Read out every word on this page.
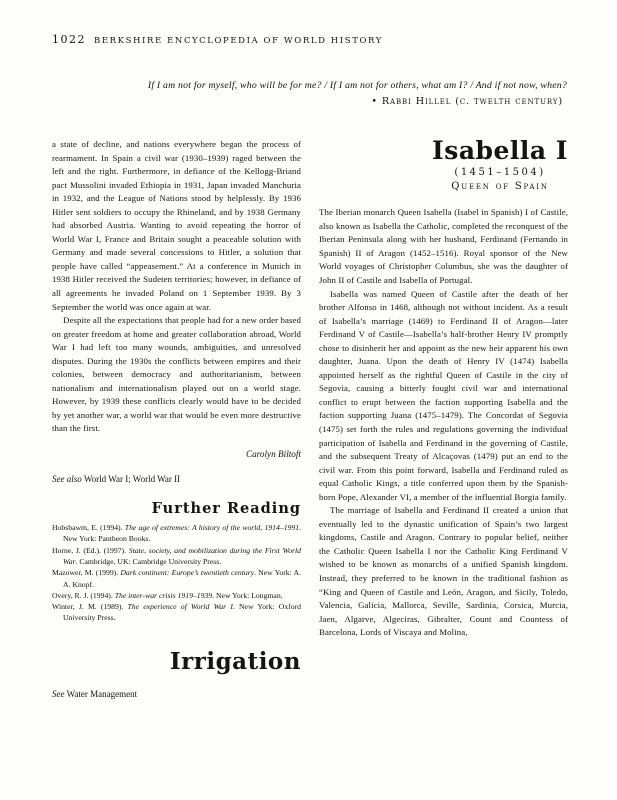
1022 BERKSHIRE ENCYCLOPEDIA OF WORLD HISTORY
If I am not for myself, who will be for me? / If I am not for others, what am I? / And if not now, when?
• Rabbi Hillel (c. twelth century)

a state of decline, and nations everywhere began the process of rearmament. In Spain a civil war (1930–1939) raged between the left and the right. Furthermore, in defiance of the Kellogg-Briand pact Mussolini invaded Ethiopia in 1931, Japan invaded Manchuria in 1932, and the League of Nations stood by helplessly. By 1936 Hitler sent soldiers to occupy the Rhineland, and by 1938 Germany had absorbed Austria. Wanting to avoid repeating the horror of World War I, France and Britain sought a peaceable solution with Germany and made several concessions to Hitler, a solution that people have called “appeasement.” At a conference in Munich in 1938 Hitler received the Sudeten territories; however, in defiance of all agreements he invaded Poland on 1 September 1939. By 3 September the world was once again at war.

Despite all the expectations that people had for a new order based on greater freedom at home and greater collaboration abroad, World War I had left too many wounds, ambiguities, and unresolved disputes. During the 1930s the conflicts between empires and their colonies, between democracy and authoritarianism, between nationalism and internationalism played out on a world stage. However, by 1939 these conflicts clearly would have to be decided by yet another war, a world war that would be even more destructive than the first.

Carolyn Biltoft
See also World War I; World War II
Further Reading
Hobsbawm, E. (1994). The age of extremes: A history of the world, 1914–1991. New York: Pantheon Books.
Horne, J. (Ed.). (1997). State, society, and mobilization during the First World War. Cambridge, UK: Cambridge University Press.
Mazower, M. (1999). Dark continent: Europe’s twentieth century. New York: A. A. Knopf.
Overy, R. J. (1994). The inter-war crisis 1919–1939. New York: Longman.
Winter, J. M. (1989). The experience of World War I. New York: Oxford University Press.
Irrigation
See Water Management
Isabella I
(1451–1504)
Queen of Spain

The Iberian monarch Queen Isabella (Isabel in Spanish) I of Castile, also known as Isabella the Catholic, completed the reconquest of the Iberian Peninsula along with her husband, Ferdinand (Fernando in Spanish) II of Aragon (1452–1516). Royal sponsor of the New World voyages of Christopher Columbus, she was the daughter of John II of Castile and Isabella of Portugal.

Isabella was named Queen of Castile after the death of her brother Alfonso in 1468, although not without incident. As a result of Isabella’s marriage (1469) to Ferdinand II of Aragon—later Ferdinand V of Castile—Isabella’s half-brother Henry IV promptly chose to disinherit her and appoint as the new heir apparent his own daughter, Juana. Upon the death of Henry IV (1474) Isabella appointed herself as the rightful Queen of Castile in the city of Segovia, causing a bitterly fought civil war and international conflict to erupt between the faction supporting Isabella and the faction supporting Juana (1475–1479). The Concordat of Segovia (1475) set forth the rules and regulations governing the individual participation of Isabella and Ferdinand in the governing of Castile, and the subsequent Treaty of Alcaçovas (1479) put an end to the civil war. From this point forward, Isabella and Ferdinand ruled as equal Catholic Kings, a title conferred upon them by the Spanish-born Pope, Alexander VI, a member of the influential Borgia family.

The marriage of Isabella and Ferdinand II created a union that eventually led to the dynastic unification of Spain’s two largest kingdoms, Castile and Aragon. Contrary to popular belief, neither the Catholic Queen Isabella I nor the Catholic King Ferdinand V wished to be known as monarchs of a unified Spanish kingdom. Instead, they preferred to be known in the traditional fashion as “King and Queen of Castile and León, Aragon, and Sicily, Toledo, Valencia, Galicia, Mallorca, Seville, Sardinia, Corsica, Murcia, Jaen, Algarve, Algeciras, Gibralter, Count and Countess of Barcelona, Lords of Viscaya and Molina,
